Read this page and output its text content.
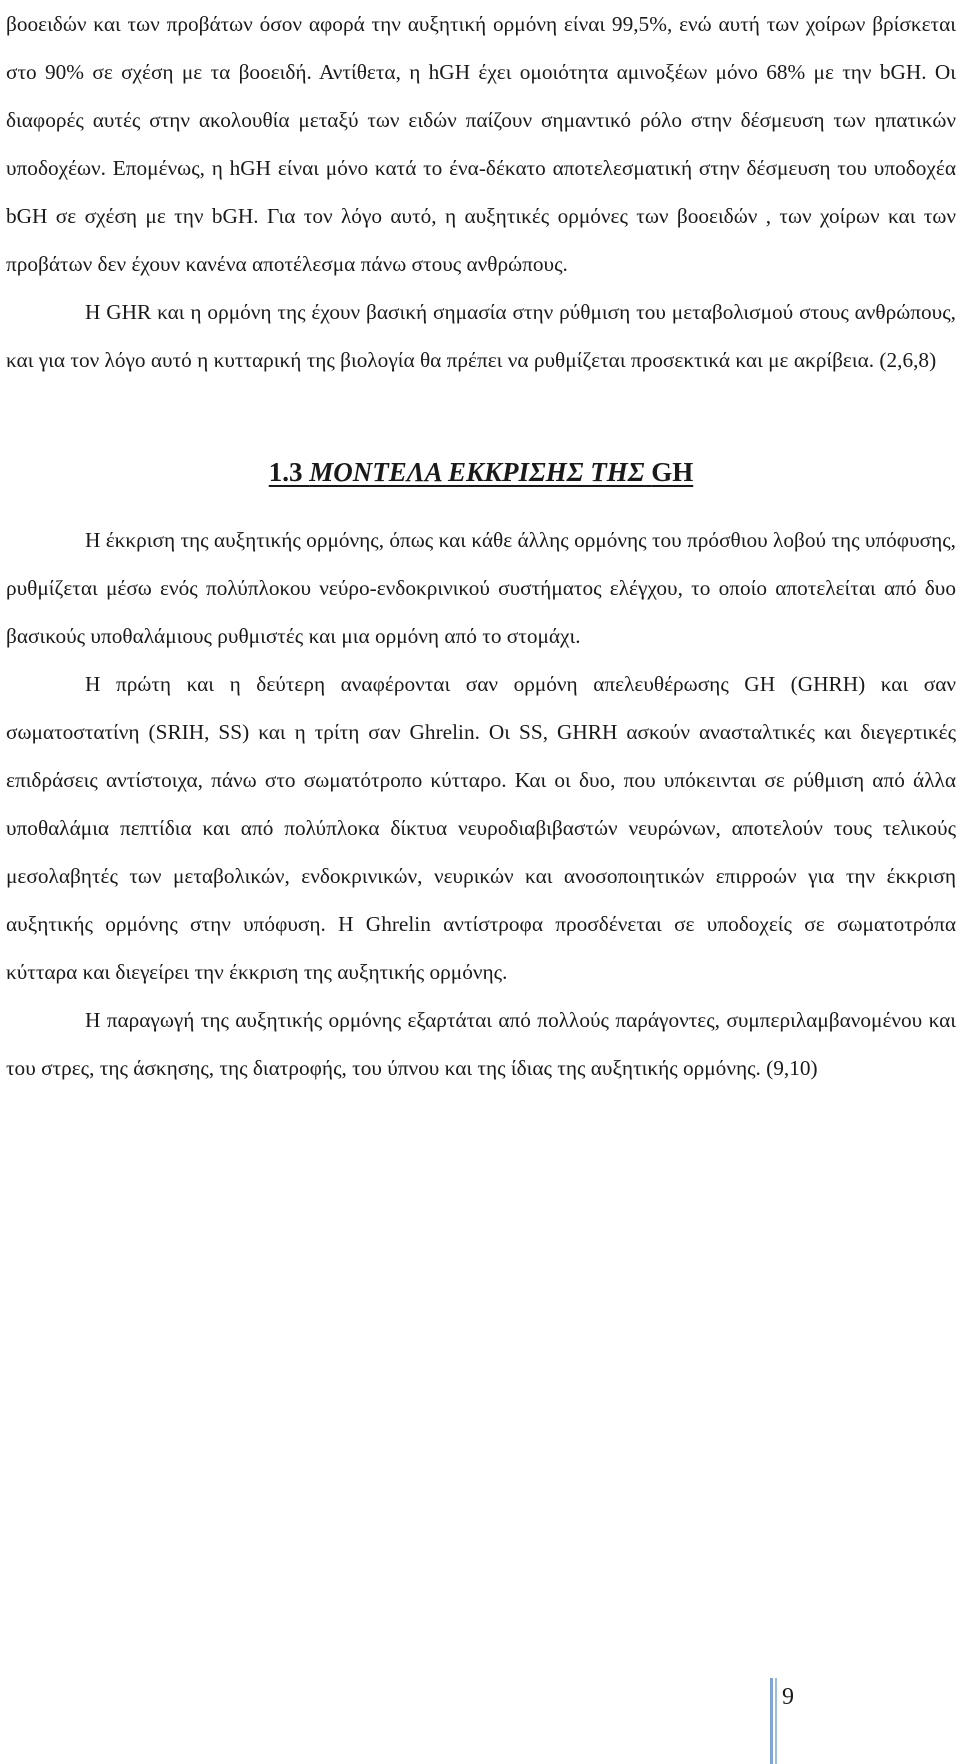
βοοειδών και των προβάτων όσον αφορά την αυξητική ορμόνη είναι 99,5%, ενώ αυτή των χοίρων βρίσκεται στο 90% σε σχέση με τα βοοειδή. Αντίθετα, η hGH έχει ομοιότητα αμινοξέων μόνο 68% με την bGH. Οι διαφορές αυτές στην ακολουθία μεταξύ των ειδών παίζουν σημαντικό ρόλο στην δέσμευση των ηπατικών υποδοχέων. Επομένως, η hGH είναι μόνο κατά το ένα-δέκατο αποτελεσματική στην δέσμευση του υποδοχέα bGH σε σχέση με την bGH. Για τον λόγο αυτό, η αυξητικές ορμόνες των βοοειδών , των χοίρων και των προβάτων δεν έχουν κανένα αποτέλεσμα πάνω στους ανθρώπους.

Η GHR και η ορμόνη της έχουν βασική σημασία στην ρύθμιση του μεταβολισμού στους ανθρώπους, και για τον λόγο αυτό η κυτταρική της βιολογία θα πρέπει να ρυθμίζεται προσεκτικά και με ακρίβεια. (2,6,8)

1.3 ΜΟΝΤΕΛΑ ΕΚΚΡΙΣΗΣ ΤΗΣ GH

Η έκκριση της αυξητικής ορμόνης, όπως και κάθε άλλης ορμόνης του πρόσθιου λοβού της υπόφυσης, ρυθμίζεται μέσω ενός πολύπλοκου νεύρο-ενδοκρινικού συστήματος ελέγχου, το οποίο αποτελείται από δυο βασικούς υποθαλάμιους ρυθμιστές και μια ορμόνη από το στομάχι.

Η πρώτη και η δεύτερη αναφέρονται σαν ορμόνη απελευθέρωσης GH (GHRH) και σαν σωματοστατίνη (SRIH, SS) και η τρίτη σαν Ghrelin. Οι SS, GHRH ασκούν ανασταλτικές και διεγερτικές επιδράσεις αντίστοιχα, πάνω στο σωματότροπο κύτταρο. Και οι δυο, που υπόκεινται σε ρύθμιση από άλλα υποθαλάμια πεπτίδια και από πολύπλοκα δίκτυα νευροδιαβιβαστών νευρώνων, αποτελούν τους τελικούς μεσολαβητές των μεταβολικών, ενδοκρινικών, νευρικών και ανοσοποιητικών επιρροών για την έκκριση αυξητικής ορμόνης στην υπόφυση. Η Ghrelin αντίστροφα προσδένεται σε υποδοχείς σε σωματοτρόπα κύτταρα και διεγείρει την έκκριση της αυξητικής ορμόνης.

Η παραγωγή της αυξητικής ορμόνης εξαρτάται από πολλούς παράγοντες, συμπεριλαμβανομένου και του στρες, της άσκησης, της διατροφής, του ύπνου και της ίδιας της αυξητικής ορμόνης. (9,10)

9
